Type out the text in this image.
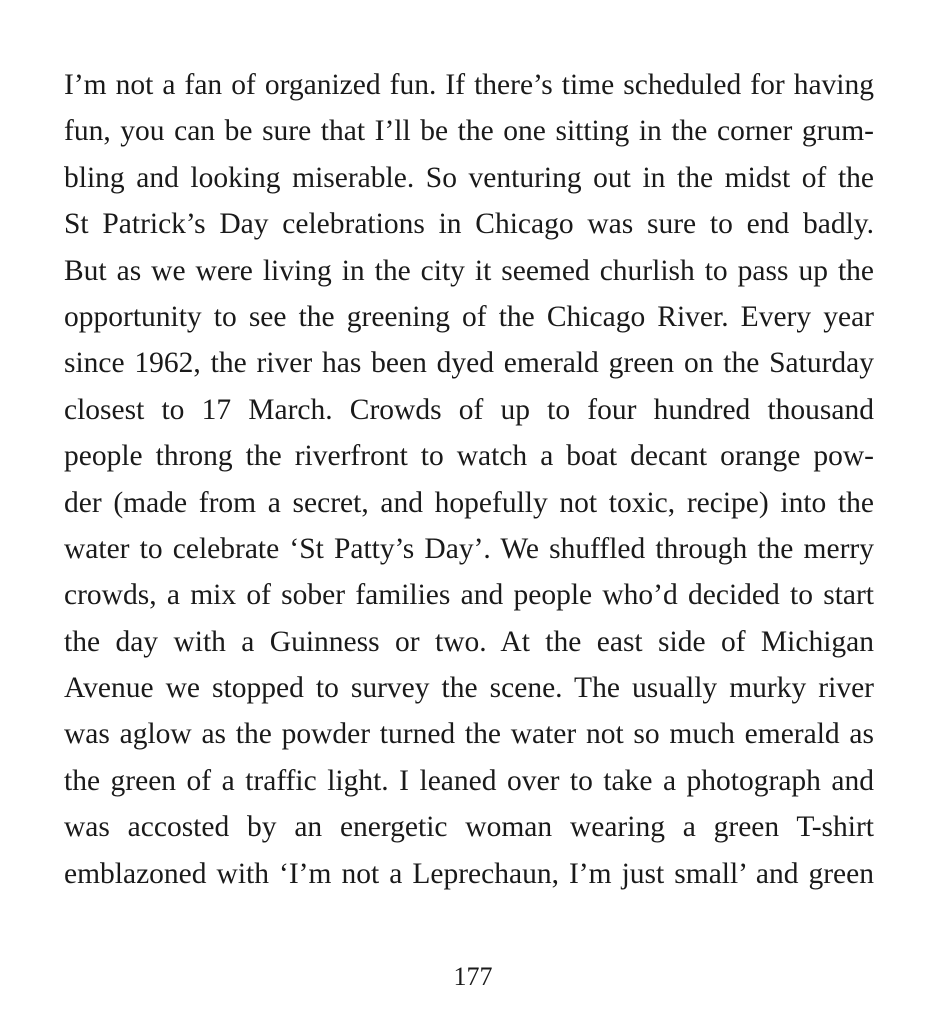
I’m not a fan of organized fun. If there’s time scheduled for having
fun, you can be sure that I’ll be the one sitting in the corner grum-
bling and looking miserable. So venturing out in the midst of the
St Patrick’s Day celebrations in Chicago was sure to end badly.
But as we were living in the city it seemed churlish to pass up the
opportunity to see the greening of the Chicago River. Every year
since 1962, the river has been dyed emerald green on the Saturday
closest to 17 March. Crowds of up to four hundred thousand
people throng the riverfront to watch a boat decant orange pow-
der (made from a secret, and hopefully not toxic, recipe) into the
water to celebrate ‘St Patty’s Day’. We shuffled through the merry
crowds, a mix of sober families and people who’d decided to start
the day with a Guinness or two. At the east side of Michigan
Avenue we stopped to survey the scene. The usually murky river
was aglow as the powder turned the water not so much emerald as
the green of a traffic light. I leaned over to take a photograph and
was accosted by an energetic woman wearing a green T-shirt
emblazoned with ‘I’m not a Leprechaun, I’m just small’ and green
177
